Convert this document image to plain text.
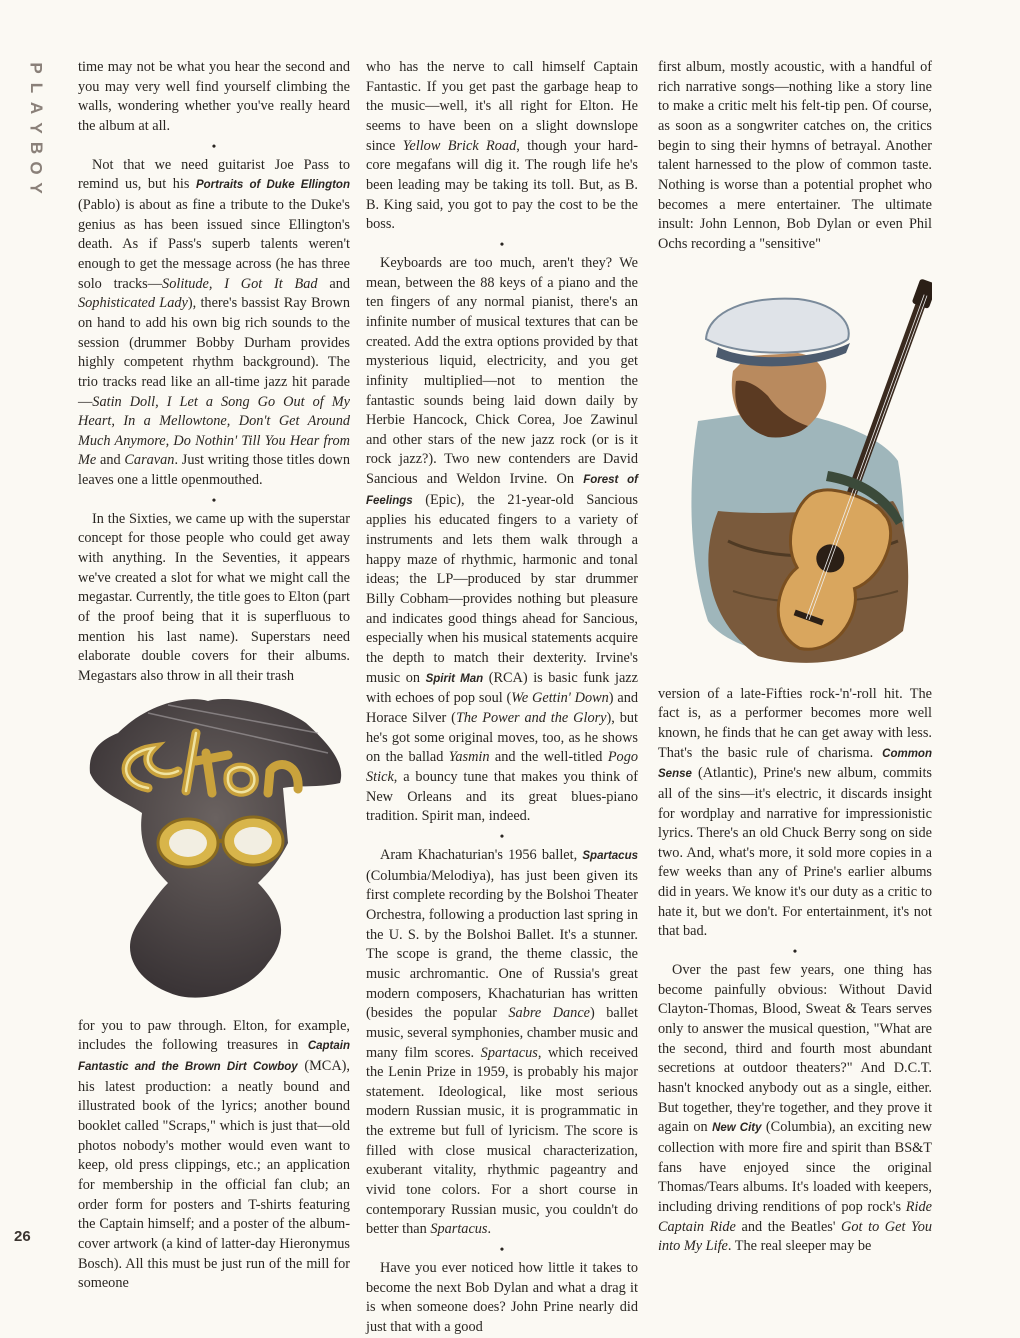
P
L
A
Y
B
O
Y
26

time may not be what you hear the second and you may very well find yourself climbing the walls, wondering whether you've really heard the album at all.

•

Not that we need guitarist Joe Pass to remind us, but his Portraits of Duke Ellington (Pablo) is about as fine a tribute to the Duke's genius as has been issued since Ellington's death. As if Pass's superb talents weren't enough to get the message across (he has three solo tracks—Solitude, I Got It Bad and Sophisticated Lady), there's bassist Ray Brown on hand to add his own big rich sounds to the session (drummer Bobby Durham provides highly competent rhythm background). The trio tracks read like an all-time jazz hit parade—Satin Doll, I Let a Song Go Out of My Heart, In a Mellowtone, Don't Get Around Much Anymore, Do Nothin' Till You Hear from Me and Caravan. Just writing those titles down leaves one a little openmouthed.

•

In the Sixties, we came up with the superstar concept for those people who could get away with anything. In the Seventies, it appears we've created a slot for what we might call the megastar. Currently, the title goes to Elton (part of the proof being that it is superfluous to mention his last name). Superstars need elaborate double covers for their albums. Megastars also throw in all their trash

for you to paw through. Elton, for example, includes the following treasures in Captain Fantastic and the Brown Dirt Cowboy (MCA), his latest production: a neatly bound and illustrated book of the lyrics; another bound booklet called "Scraps," which is just that—old photos nobody's mother would even want to keep, old press clippings, etc.; an application for membership in the official fan club; an order form for posters and T-shirts featuring the Captain himself; and a poster of the album-cover artwork (a kind of latter-day Hieronymus Bosch). All this must be just run of the mill for someone

who has the nerve to call himself Captain Fantastic. If you get past the garbage heap to the music—well, it's all right for Elton. He seems to have been on a slight downslope since Yellow Brick Road, though your hard-core megafans will dig it. The rough life he's been leading may be taking its toll. But, as B. B. King said, you got to pay the cost to be the boss.

•

Keyboards are too much, aren't they? We mean, between the 88 keys of a piano and the ten fingers of any normal pianist, there's an infinite number of musical textures that can be created. Add the extra options provided by that mysterious liquid, electricity, and you get infinity multiplied—not to mention the fantastic sounds being laid down daily by Herbie Hancock, Chick Corea, Joe Zawinul and other stars of the new jazz rock (or is it rock jazz?). Two new contenders are David Sancious and Weldon Irvine. On Forest of Feelings (Epic), the 21-year-old Sancious applies his educated fingers to a variety of instruments and lets them walk through a happy maze of rhythmic, harmonic and tonal ideas; the LP—produced by star drummer Billy Cobham—provides nothing but pleasure and indicates good things ahead for Sancious, especially when his musical statements acquire the depth to match their dexterity. Irvine's music on Spirit Man (RCA) is basic funk jazz with echoes of pop soul (We Gettin' Down) and Horace Silver (The Power and the Glory), but he's got some original moves, too, as he shows on the ballad Yasmin and the well-titled Pogo Stick, a bouncy tune that makes you think of New Orleans and its great blues-piano tradition. Spirit man, indeed.

•

Aram Khachaturian's 1956 ballet, Spartacus (Columbia/Melodiya), has just been given its first complete recording by the Bolshoi Theater Orchestra, following a production last spring in the U. S. by the Bolshoi Ballet. It's a stunner. The scope is grand, the theme classic, the music archromantic. One of Russia's great modern composers, Khachaturian has written (besides the popular Sabre Dance) ballet music, several symphonies, chamber music and many film scores. Spartacus, which received the Lenin Prize in 1959, is probably his major statement. Ideological, like most serious modern Russian music, it is programmatic in the extreme but full of lyricism. The score is filled with close musical characterization, exuberant vitality, rhythmic pageantry and vivid tone colors. For a short course in contemporary Russian music, you couldn't do better than Spartacus.

•

Have you ever noticed how little it takes to become the next Bob Dylan and what a drag it is when someone does? John Prine nearly did just that with a good

first album, mostly acoustic, with a handful of rich narrative songs—nothing like a story line to make a critic melt his felt-tip pen. Of course, as soon as a songwriter catches on, the critics begin to sing their hymns of betrayal. Another talent harnessed to the plow of common taste. Nothing is worse than a potential prophet who becomes a mere entertainer. The ultimate insult: John Lennon, Bob Dylan or even Phil Ochs recording a "sensitive"

version of a late-Fifties rock-'n'-roll hit. The fact is, as a performer becomes more well known, he finds that he can get away with less. That's the basic rule of charisma. Common Sense (Atlantic), Prine's new album, commits all of the sins—it's electric, it discards insight for wordplay and narrative for impressionistic lyrics. There's an old Chuck Berry song on side two. And, what's more, it sold more copies in a few weeks than any of Prine's earlier albums did in years. We know it's our duty as a critic to hate it, but we don't. For entertainment, it's not that bad.

•

Over the past few years, one thing has become painfully obvious: Without David Clayton-Thomas, Blood, Sweat & Tears serves only to answer the musical question, "What are the second, third and fourth most abundant secretions at outdoor theaters?" And D.C.T. hasn't knocked anybody out as a single, either. But together, they're together, and they prove it again on New City (Columbia), an exciting new collection with more fire and spirit than BS&T fans have enjoyed since the original Thomas/Tears albums. It's loaded with keepers, including driving renditions of pop rock's Ride Captain Ride and the Beatles' Got to Get You into My Life. The real sleeper may be
